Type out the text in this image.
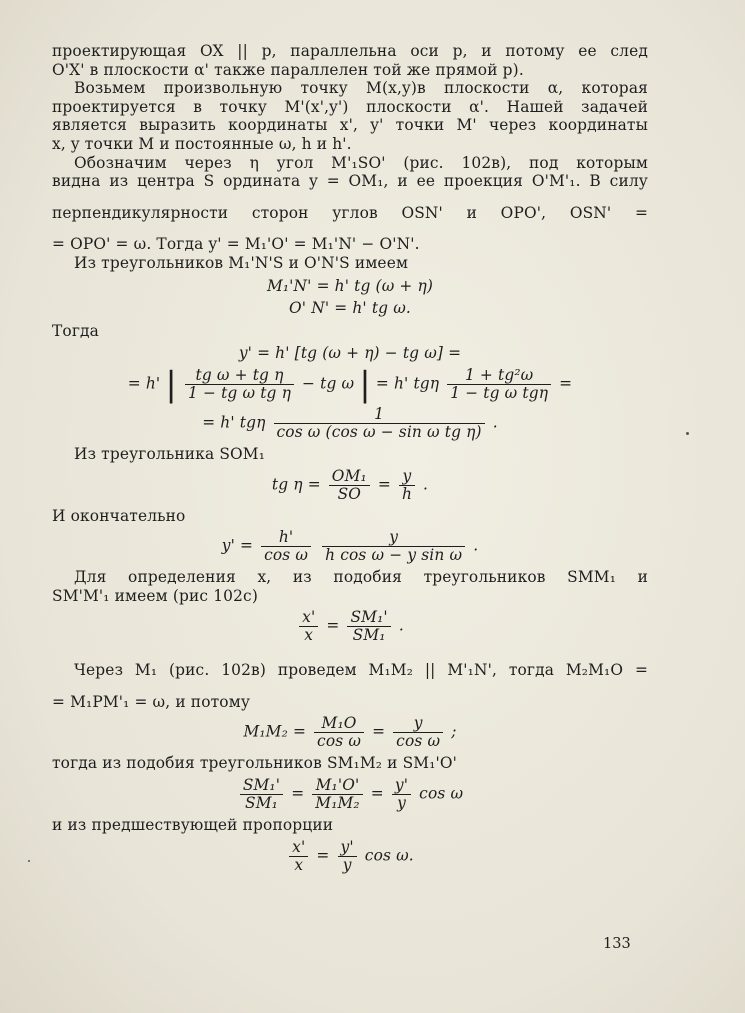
проектирующая OX || p, параллельна оси p, и потому ее след

O'X' в плоскости α' также параллелен той же прямой p).

Возьмем произвольную точку M(x,y)в плоскости α, которая

проектируется в точку M'(x',y') плоскости α'. Нашей задачей

является выразить координаты x', y' точки M' через координаты

x, y точки M и постоянные ω, h и h'.

Обозначим через η угол M'₁SO' (рис. 102в), под которым

видна из центра S ордината y = OM₁, и ее проекция O'M'₁. В силу

перпендикулярности сторон углов OSN' и OPO', OSN' =

= OPO' = ω. Тогда y' = M₁'O' = M₁'N' − O'N'.

Из треугольников M₁'N'S и O'N'S имеем

M₁'N' = h' tg (ω + η)
O' N' = h' tg ω.

Тогда

y' = h' [tg (ω + η) − tg ω] =
= h' | $\frac{\text{tg ω + tg η}}{\text{1 − tg ω tg η}}$ − tg ω | = h' tgη $\frac{\text{1 + tg²ω}}{\text{1 − tg ω tgη}}$ =
= h' tgη $\frac{1}{\text{cos ω (cos ω − sin ω tg η)}}$ .

Из треугольника SOM₁

tg $\eta = \frac{\text{OM₁}}{SO} = \frac{y}{h}$ .

И окончательно

$y' = \frac{h'}{\text{cos ω}}$
$\frac{y}{\text{h cos ω − y sin ω}}$ .

Для определения x, из подобия треугольников SMM₁ и

SM'M'₁ имеем (рис 102с)

$\frac{x'}{x} = \frac{\text{SM₁'}}{\text{SM₁}}$ .

Через M₁ (рис. 102в) проведем M₁M₂ || M'₁N', тогда M₂M₁O =

= M₁PM'₁ = ω, и потому

$M_1M_2 = \frac{\text{M₁O}}{\text{cos ω}} = \frac{y}{\text{cos ω}}$ ;

тогда из подобия треугольников SM₁M₂ и SM₁'O'

$\frac{\text{SM₁'}}{\text{SM₁}} = \frac{\text{M₁'O'}}{\text{M₁M₂}} = \frac{y'}{y}$ cos ω

и из предшествующей пропорции

$\frac{x'}{x} = \frac{y'}{y}$ cos ω.
133
